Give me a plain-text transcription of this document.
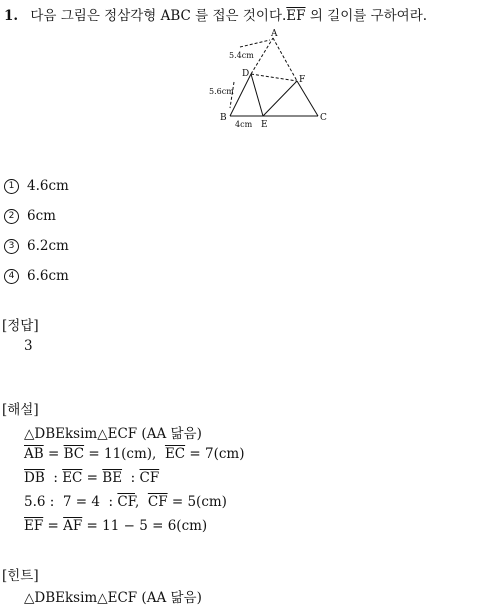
1. 다음 그림은 정삼각형 ABC 를 접은 것이다$.\overline{EF}$ 의 길이를 구하여라.
A
B	C
D
E
F
5.4cm
5.6cm
4cm
1 4.6cm
2 6cm
3 6.2cm
4 6.6cm
[정답]
3
[해설]
△DBEksim△ECF (AA 닮음)
$\overline{AB} = \overline{BC} = 11(cm)$,  $\overline{EC} = 7(cm)$
$\overline{DB}$  : $\overline{EC} = \overline{BE}$  : $\overline{CF}$
5.6 :  7 = 4  : $\overline{CF}$,  $\overline{CF} = 5(cm)$
$\overline{EF} = \overline{AF} = 11 - 5 = 6(cm)$
[힌트]
△DBEksim△ECF (AA 닮음)
